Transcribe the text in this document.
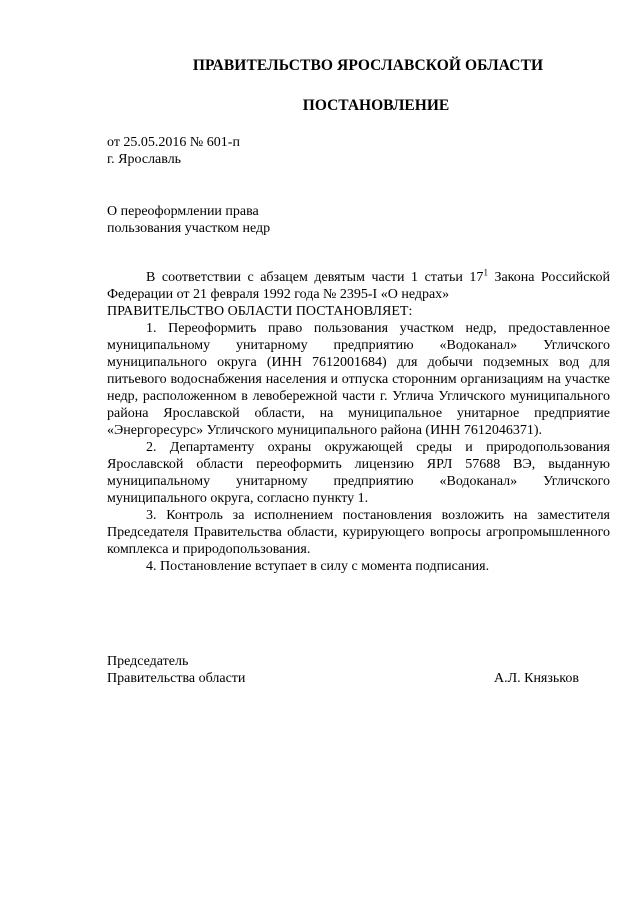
ПРАВИТЕЛЬСТВО ЯРОСЛАВСКОЙ ОБЛАСТИ
ПОСТАНОВЛЕНИЕ
от 25.05.2016 № 601-п
г. Ярославль
О переоформлении права
пользования участком недр

В соответствии с абзацем девятым части 1 статьи $17^1$ Закона Российской Федерации от 21 февраля 1992 года № 2395-I «О недрах»

ПРАВИТЕЛЬСТВО ОБЛАСТИ ПОСТАНОВЛЯЕТ:

1. Переоформить право пользования участком недр, предоставленное муниципальному унитарному предприятию «Водоканал» Угличского муниципального округа (ИНН 7612001684) для добычи подземных вод для питьевого водоснабжения населения и отпуска сторонним организациям на участке недр, расположенном в левобережной части г. Углича Угличского муниципального района Ярославской области, на муниципальное унитарное предприятие «Энергоресурс» Угличского муниципального района (ИНН 7612046371).

2. Департаменту охраны окружающей среды и природопользования Ярославской области переоформить лицензию ЯРЛ 57688 ВЭ, выданную муниципальному унитарному предприятию «Водоканал» Угличского муниципального округа, согласно пункту 1.

3. Контроль за исполнением постановления возложить на заместителя Председателя Правительства области, курирующего вопросы агропромышленного комплекса и природопользования.

4. Постановление вступает в силу с момента подписания.

Председатель
Правительства области	А.Л. Князьков
